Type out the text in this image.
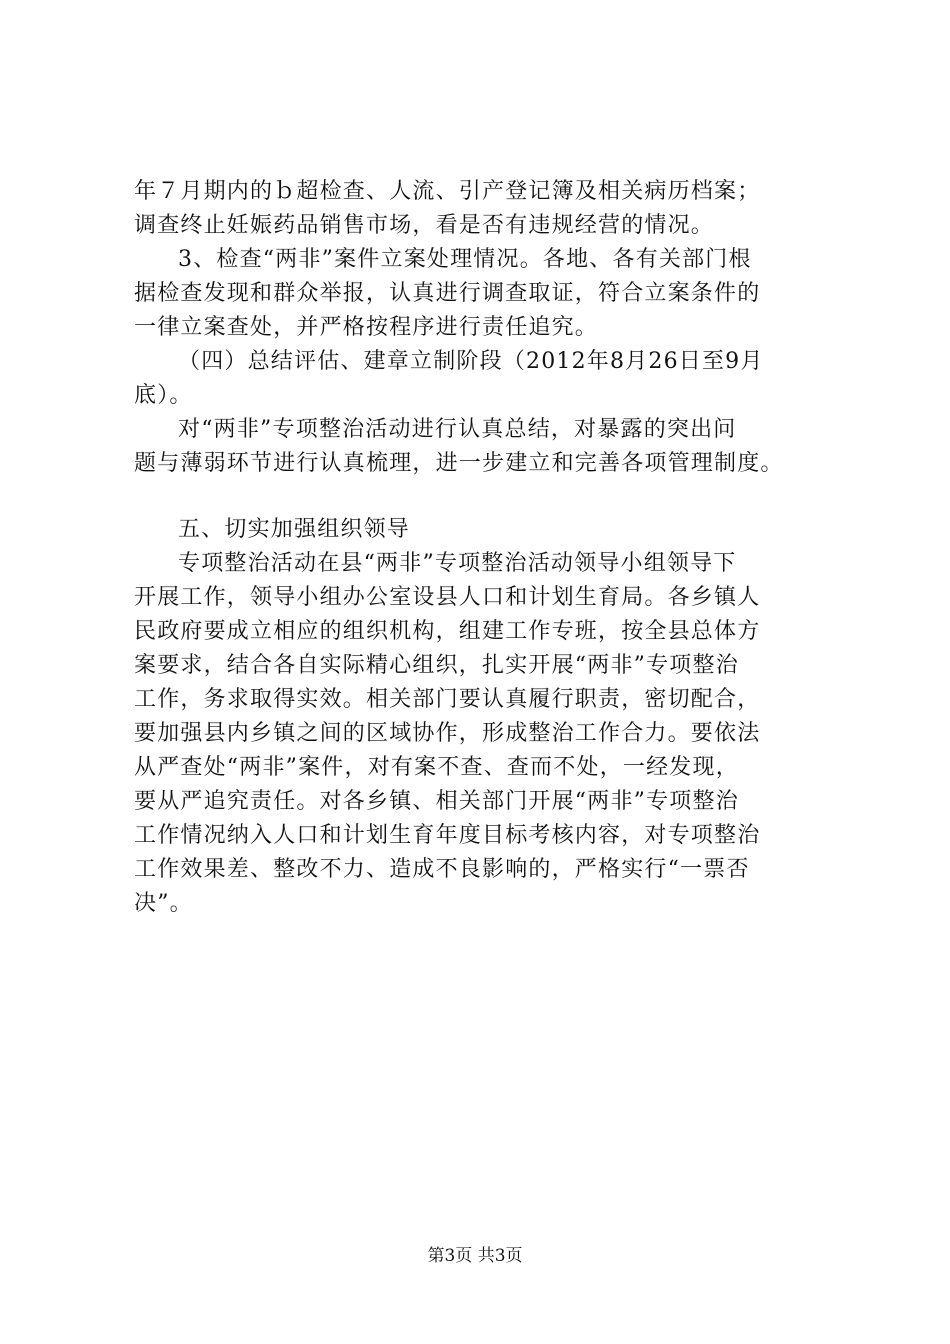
年７月期内的ｂ超检查、人流、引产登记簿及相关病历档案；

调查终止妊娠药品销售市场，看是否有违规经营的情况。

3、检查“两非”案件立案处理情况。各地、各有关部门根

据检查发现和群众举报，认真进行调查取证，符合立案条件的

一律立案查处，并严格按程序进行责任追究。

（四）总结评估、建章立制阶段（2012年8月26日至9月

底）。

对“两非”专项整治活动进行认真总结，对暴露的突出问

题与薄弱环节进行认真梳理，进一步建立和完善各项管理制度。

五、切实加强组织领导

专项整治活动在县“两非”专项整治活动领导小组领导下

开展工作，领导小组办公室设县人口和计划生育局。各乡镇人

民政府要成立相应的组织机构，组建工作专班，按全县总体方

案要求，结合各自实际精心组织，扎实开展“两非”专项整治

工作，务求取得实效。相关部门要认真履行职责，密切配合，

要加强县内乡镇之间的区域协作，形成整治工作合力。要依法

从严查处“两非”案件，对有案不查、查而不处，一经发现，

要从严追究责任。对各乡镇、相关部门开展“两非”专项整治

工作情况纳入人口和计划生育年度目标考核内容，对专项整治

工作效果差、整改不力、造成不良影响的，严格实行“一票否

决”。

第3页 共3页
